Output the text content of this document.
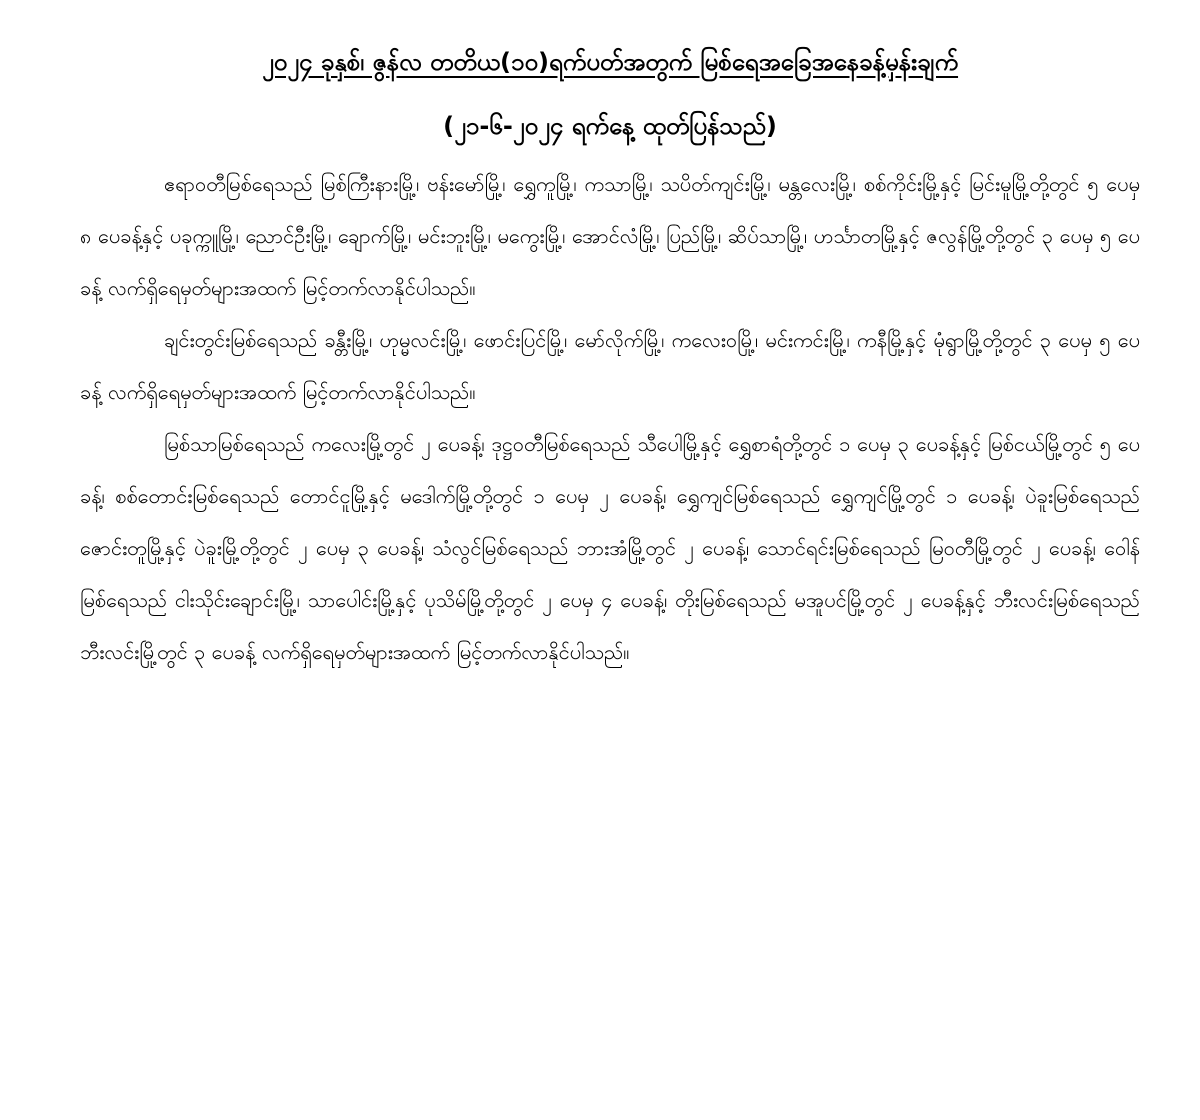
၂၀၂၄ ခုနှစ်၊ ဇွန်လ တတိယ(၁၀)ရက်ပတ်အတွက် မြစ်ရေအခြေအနေခန့်မှန်းချက်
(၂၁-၆-၂၀၂၄ ရက်နေ့ ထုတ်ပြန်သည်)

ဧရာဝတီမြစ်ရေသည် မြစ်ကြီးနားမြို့၊ ဗန်းမော်မြို့၊ ရွှေကူမြို့၊ ကသာမြို့၊ သပိတ်ကျင်းမြို့၊ မန္တလေးမြို့၊ စစ်ကိုင်းမြို့နှင့် မြင်းမူမြို့တို့တွင် ၅ ပေမှ ၈ ပေခန့်နှင့် ပခုက္ကူမြို့၊ ညောင်ဦးမြို့၊ ချောက်မြို့၊ မင်းဘူးမြို့၊ မကွေးမြို့၊ အောင်လံမြို့၊ ပြည်မြို့၊ ဆိပ်သာမြို့၊ ဟင်္သာတမြို့နှင့် ဇလွန်မြို့တို့တွင် ၃ ပေမှ ၅ ပေခန့် လက်ရှိရေမှတ်များအထက် မြင့်တက်လာနိုင်ပါသည်။

ချင်းတွင်းမြစ်ရေသည် ခန္တီးမြို့၊ ဟုမ္မလင်းမြို့၊ ဖောင်းပြင်မြို့၊ မော်လိုက်မြို့၊ ကလေးဝမြို့၊ မင်းကင်းမြို့၊ ကနီမြို့နှင့် မုံရွာမြို့တို့တွင် ၃ ပေမှ ၅ ပေခန့် လက်ရှိရေမှတ်များအထက် မြင့်တက်လာနိုင်ပါသည်။

မြစ်သာမြစ်ရေသည် ကလေးမြို့တွင် ၂ ပေခန့်၊ ဒုဋ္ဌဝတီမြစ်ရေသည် သီပေါမြို့နှင့် ရွှေစာရံတို့တွင် ၁ ပေမှ ၃ ပေခန့်နှင့် မြစ်ငယ်မြို့တွင် ၅ ပေခန့်၊ စစ်တောင်းမြစ်ရေသည် တောင်ငူမြို့နှင့် မဒေါက်မြို့တို့တွင် ၁ ပေမှ ၂ ပေခန့်၊ ရွှေကျင်မြစ်ရေသည် ရွှေကျင်မြို့တွင် ၁ ပေခန့်၊ ပဲခူးမြစ်ရေသည် ဇောင်းတူမြို့နှင့် ပဲခူးမြို့တို့တွင် ၂ ပေမှ ၃ ပေခန့်၊ သံလွင်မြစ်ရေသည် ဘားအံမြို့တွင် ၂ ပေခန့်၊ သောင်ရင်းမြစ်ရေသည် မြဝတီမြို့တွင် ၂ ပေခန့်၊ ဝေါန်မြစ်ရေသည် ငါးသိုင်းချောင်းမြို့၊ သာပေါင်းမြို့နှင့် ပုသိမ်မြို့တို့တွင် ၂ ပေမှ ၄ ပေခန့်၊ တိုးမြစ်ရေသည် မအူပင်မြို့တွင် ၂ ပေခန့်နှင့် ဘီးလင်းမြစ်ရေသည် ဘီးလင်းမြို့တွင် ၃ ပေခန့် လက်ရှိရေမှတ်များအထက် မြင့်တက်လာနိုင်ပါသည်။
